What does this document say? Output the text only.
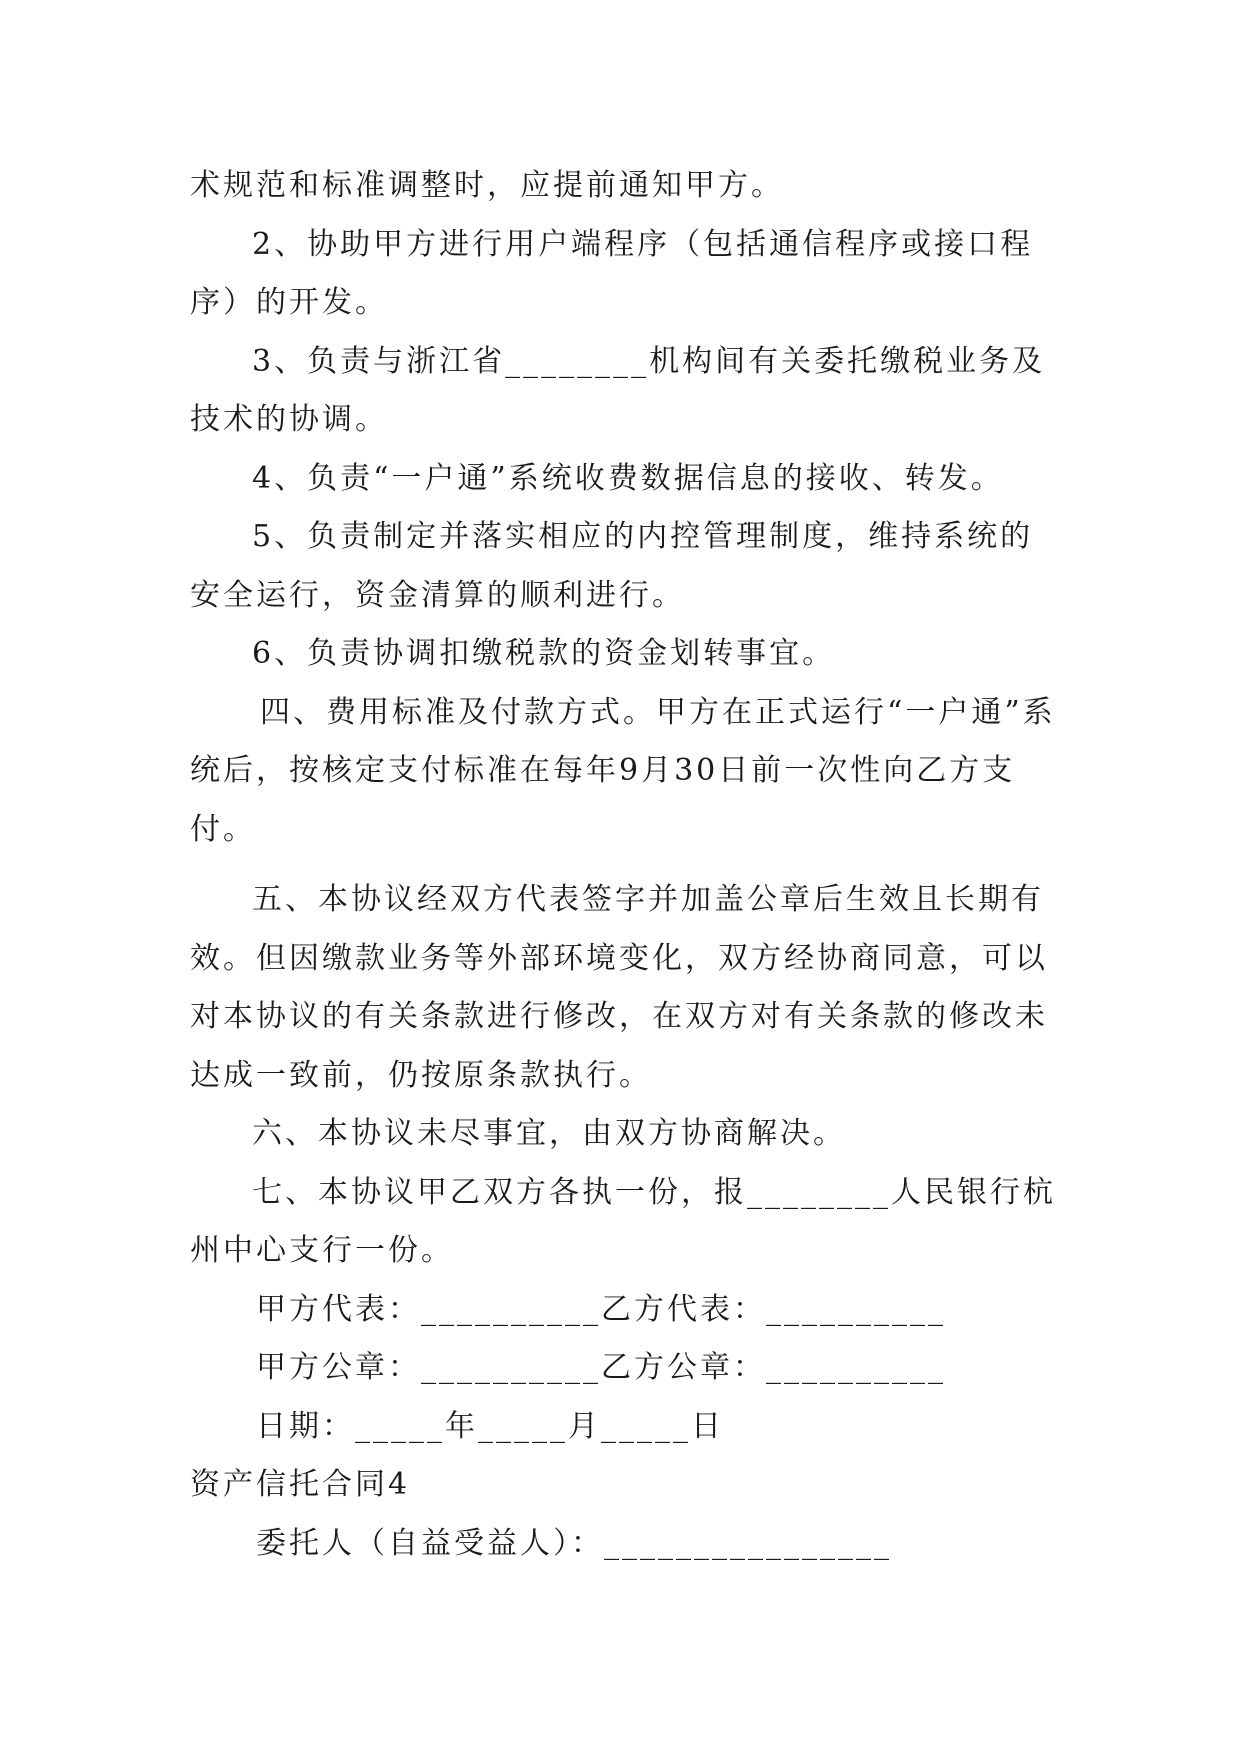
术规范和标准调整时，应提前通知甲方。

2、协助甲方进行用户端程序（包括通信程序或接口程序）的开发。

3、负责与浙江省________机构间有关委托缴税业务及技术的协调。

4、负责“一户通”系统收费数据信息的接收、转发。

5、负责制定并落实相应的内控管理制度，维持系统的安全运行，资金清算的顺利进行。

6、负责协调扣缴税款的资金划转事宜。

四、费用标准及付款方式。甲方在正式运行“一户通”系统后，按核定支付标准在每年9月30日前一次性向乙方支付。

五、本协议经双方代表签字并加盖公章后生效且长期有效。但因缴款业务等外部环境变化，双方经协商同意，可以对本协议的有关条款进行修改，在双方对有关条款的修改未达成一致前，仍按原条款执行。

六、本协议未尽事宜，由双方协商解决。

七、本协议甲乙双方各执一份，报________人民银行杭州中心支行一份。

甲方代表：__________乙方代表：__________

甲方公章：__________乙方公章：__________

日期：_____年_____月_____日

资产信托合同4

委托人（自益受益人）：________________
